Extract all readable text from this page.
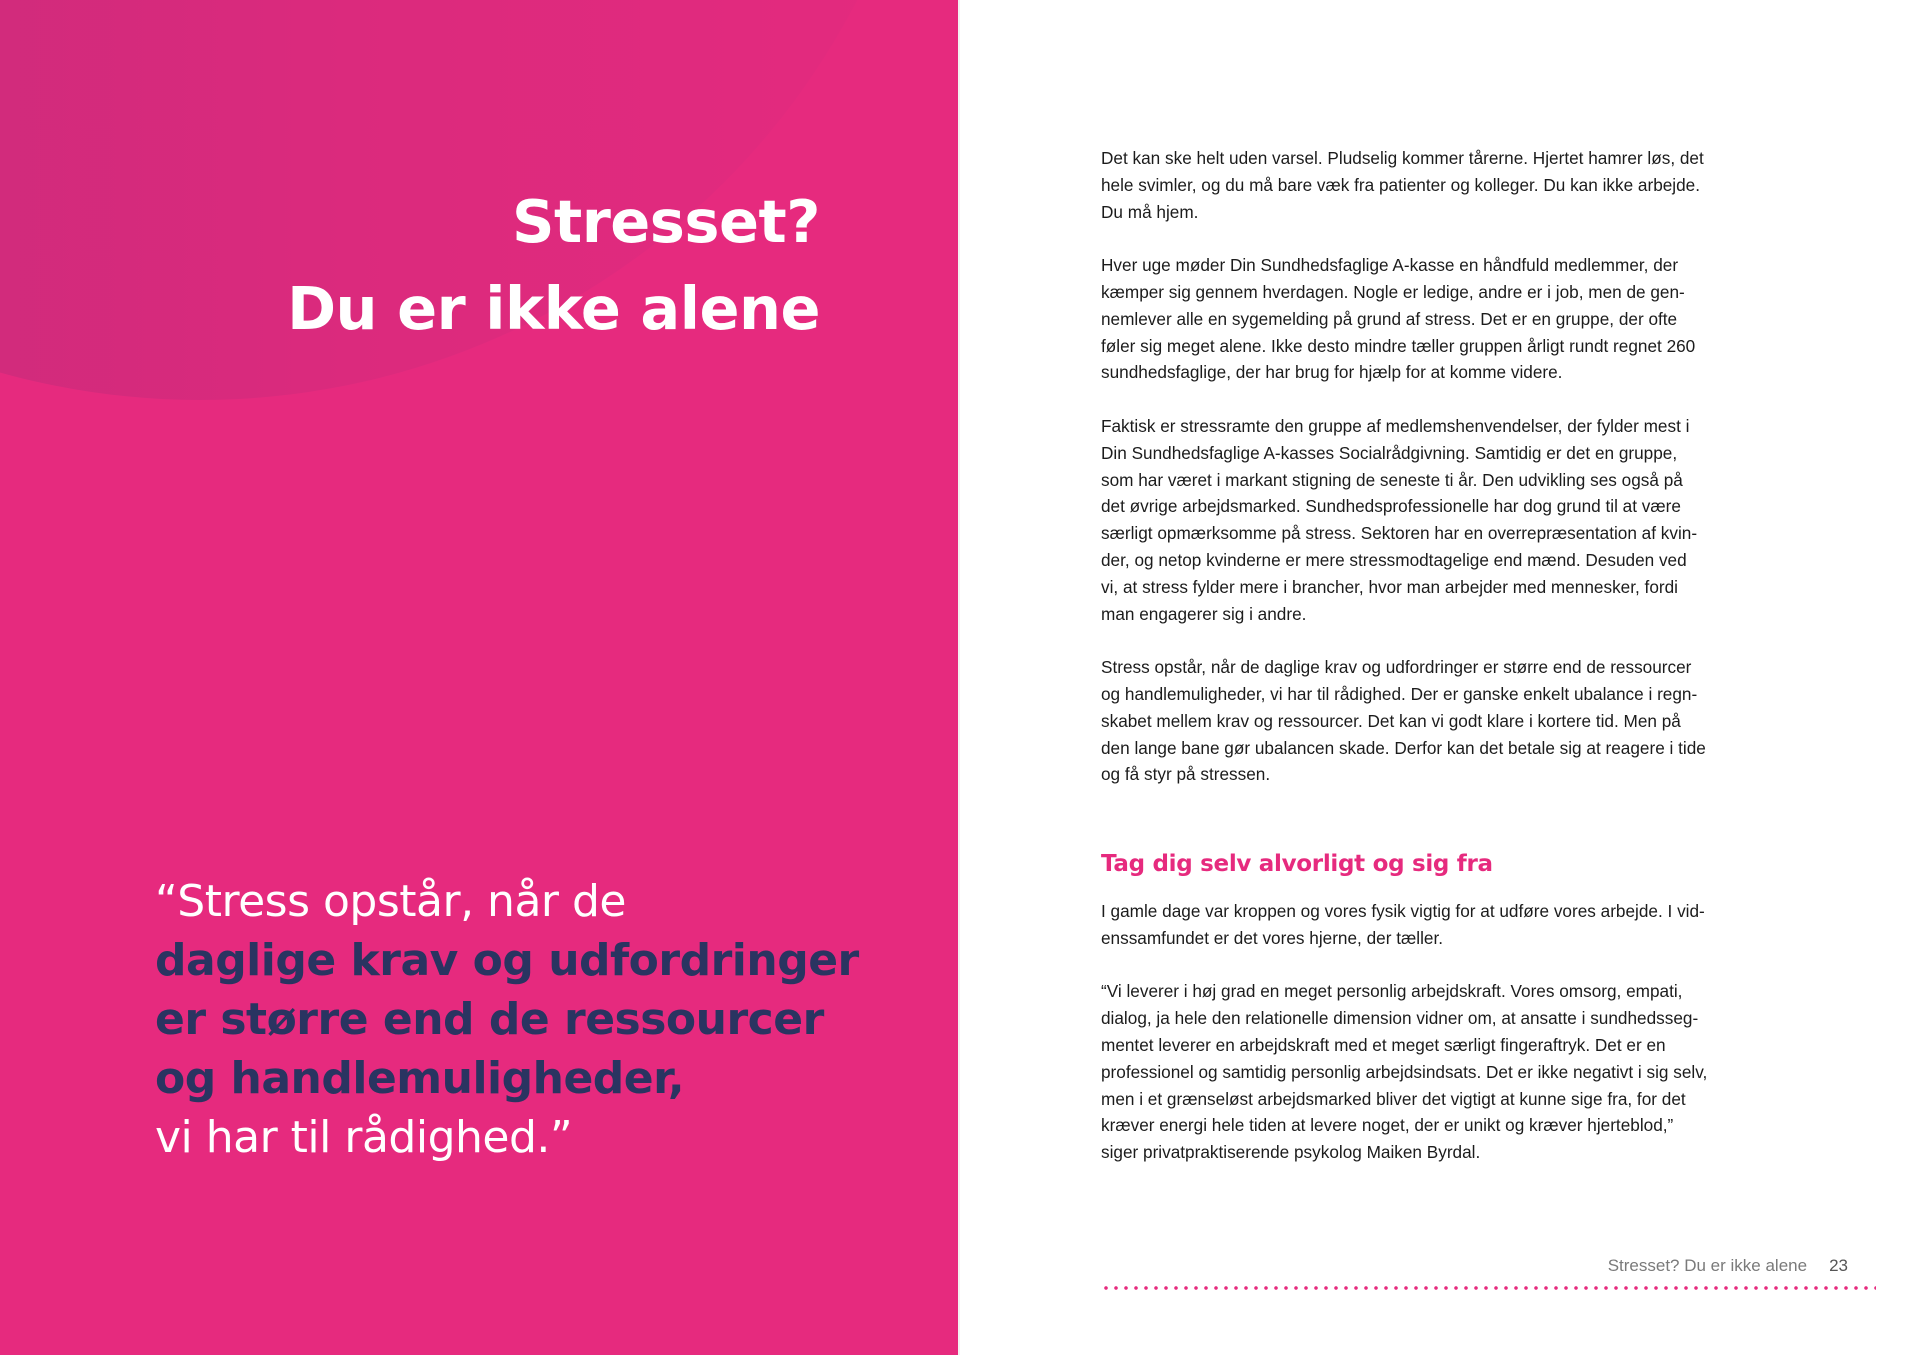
Stresset?
Du er ikke alene
“Stress opstår, når de
daglige krav og udfordringer
er større end de ressourcer
og handlemuligheder,
vi har til rådighed.”

Det kan ske helt uden varsel. Pludselig kommer tårerne. Hjertet hamrer løs, det
hele svimler, og du må bare væk fra patienter og kolleger. Du kan ikke arbejde.
Du må hjem.

Hver uge møder Din Sundhedsfaglige A-kasse en håndfuld medlemmer, der
kæmper sig gennem hverdagen. Nogle er ledige, andre er i job, men de gen-
nemlever alle en sygemelding på grund af stress. Det er en gruppe, der ofte
føler sig meget alene. Ikke desto mindre tæller gruppen årligt rundt regnet 260
sundhedsfaglige, der har brug for hjælp for at komme videre.

Faktisk er stressramte den gruppe af medlemshenvendelser, der fylder mest i
Din Sundhedsfaglige A-kasses Socialrådgivning. Samtidig er det en gruppe,
som har været i markant stigning de seneste ti år. Den udvikling ses også på
det øvrige arbejdsmarked. Sundhedsprofessionelle har dog grund til at være
særligt opmærksomme på stress. Sektoren har en overrepræsentation af kvin-
der, og netop kvinderne er mere stressmodtagelige end mænd. Desuden ved
vi, at stress fylder mere i brancher, hvor man arbejder med mennesker, fordi
man engagerer sig i andre.

Stress opstår, når de daglige krav og udfordringer er større end de ressourcer
og handlemuligheder, vi har til rådighed. Der er ganske enkelt ubalance i regn-
skabet mellem krav og ressourcer. Det kan vi godt klare i kortere tid. Men på
den lange bane gør ubalancen skade. Derfor kan det betale sig at reagere i tide
og få styr på stressen.

Tag dig selv alvorligt og sig fra

I gamle dage var kroppen og vores fysik vigtig for at udføre vores arbejde. I vid-
enssamfundet er det vores hjerne, der tæller.

“Vi leverer i høj grad en meget personlig arbejdskraft. Vores omsorg, empati,
dialog, ja hele den relationelle dimension vidner om, at ansatte i sundhedsseg-
mentet leverer en arbejdskraft med et meget særligt fingeraftryk. Det er en
professionel og samtidig personlig arbejdsindsats. Det er ikke negativt i sig selv,
men i et grænseløst arbejdsmarked bliver det vigtigt at kunne sige fra, for det
kræver energi hele tiden at levere noget, der er unikt og kræver hjerteblod,”
siger privatpraktiserende psykolog Maiken Byrdal.

Stresset? Du er ikke alene 23
